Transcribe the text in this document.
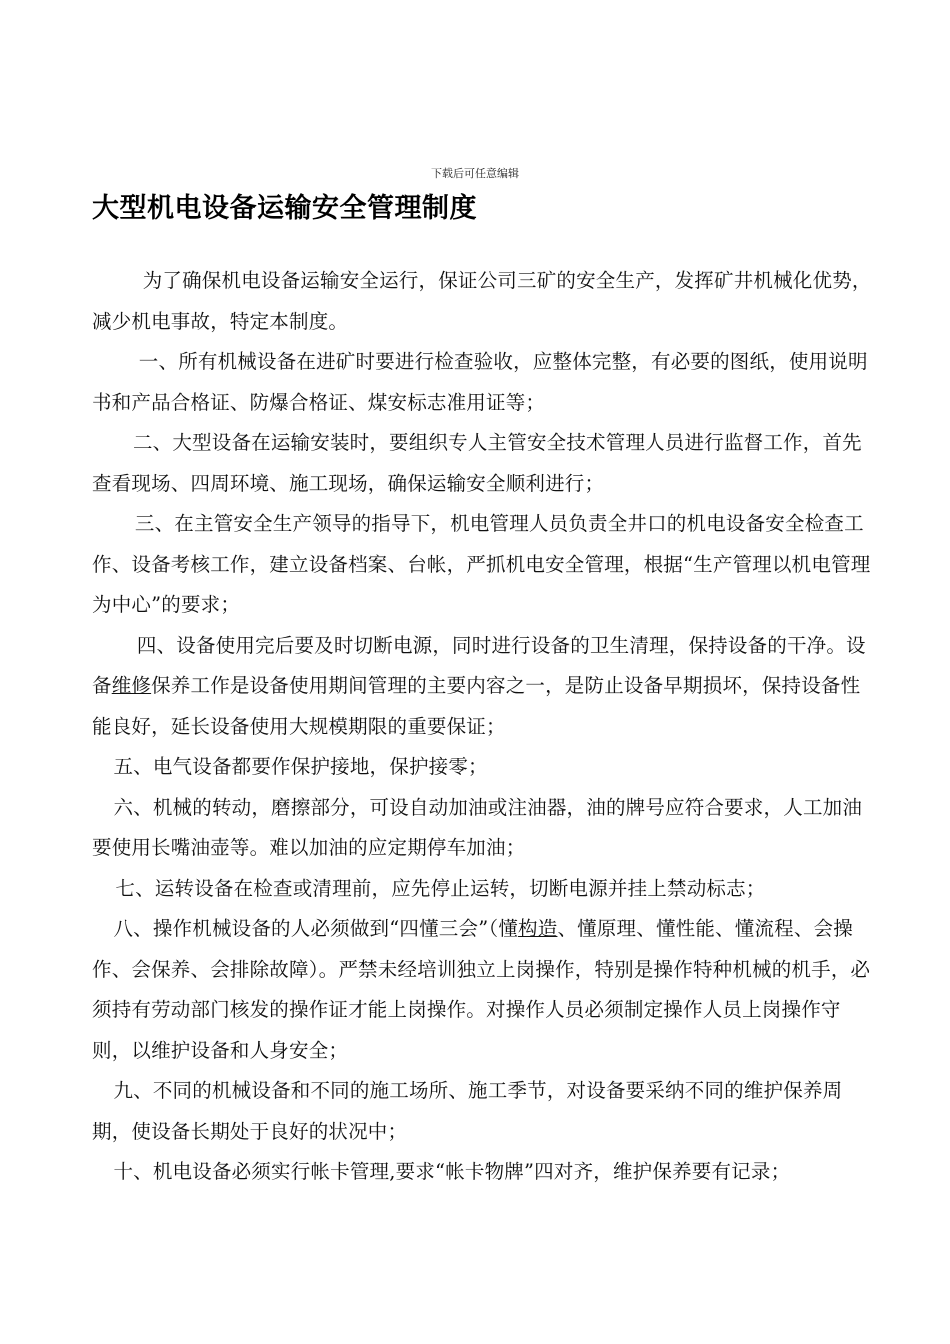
下载后可任意编辑
大型机电设备运输安全管理制度

为了确保机电设备运输安全运行，保证公司三矿的安全生产，发挥矿井机械化优势，减少机电事故，特定本制度。

一、所有机械设备在进矿时要进行检查验收，应整体完整，有必要的图纸，使用说明书和产品合格证、防爆合格证、煤安标志准用证等；

二、大型设备在运输安装时，要组织专人主管安全技术管理人员进行监督工作，首先查看现场、四周环境、施工现场，确保运输安全顺利进行；

三、在主管安全生产领导的指导下，机电管理人员负责全井口的机电设备安全检查工作、设备考核工作，建立设备档案、台帐，严抓机电安全管理，根据“生产管理以机电管理为中心”的要求；

四、设备使用完后要及时切断电源，同时进行设备的卫生清理，保持设备的干净。设备维修保养工作是设备使用期间管理的主要内容之一，是防止设备早期损坏，保持设备性能良好，延长设备使用大规模期限的重要保证；

五、电气设备都要作保护接地，保护接零；

六、机械的转动，磨擦部分，可设自动加油或注油器，油的牌号应符合要求，人工加油要使用长嘴油壶等。难以加油的应定期停车加油；

七、运转设备在检查或清理前，应先停止运转，切断电源并挂上禁动标志；

八、操作机械设备的人必须做到“四懂三会”（懂构造、懂原理、懂性能、懂流程、会操作、会保养、会排除故障）。严禁未经培训独立上岗操作，特别是操作特种机械的机手，必须持有劳动部门核发的操作证才能上岗操作。对操作人员必须制定操作人员上岗操作守则，以维护设备和人身安全；

九、不同的机械设备和不同的施工场所、施工季节，对设备要采纳不同的维护保养周期，使设备长期处于良好的状况中；

十、机电设备必须实行帐卡管理,要求“帐卡物牌”四对齐，维护保养要有记录；
